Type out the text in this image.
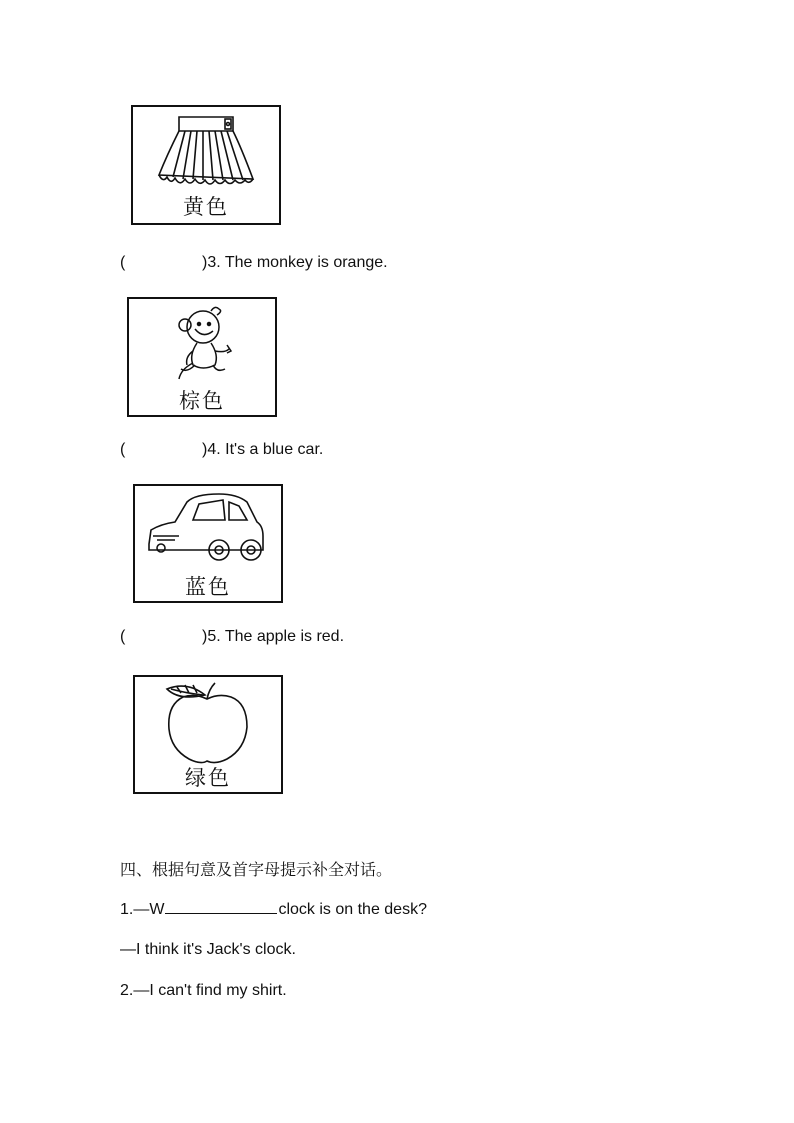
黄色
(	)3. The monkey is orange.
棕色
(	)4. It's a blue car.
蓝色
(	)5. The apple is red.
绿色
四、根据句意及首字母提示补全对话。
1.—W	clock is on the desk?
—I think it's Jack's clock.
2.—I can't find my shirt.
